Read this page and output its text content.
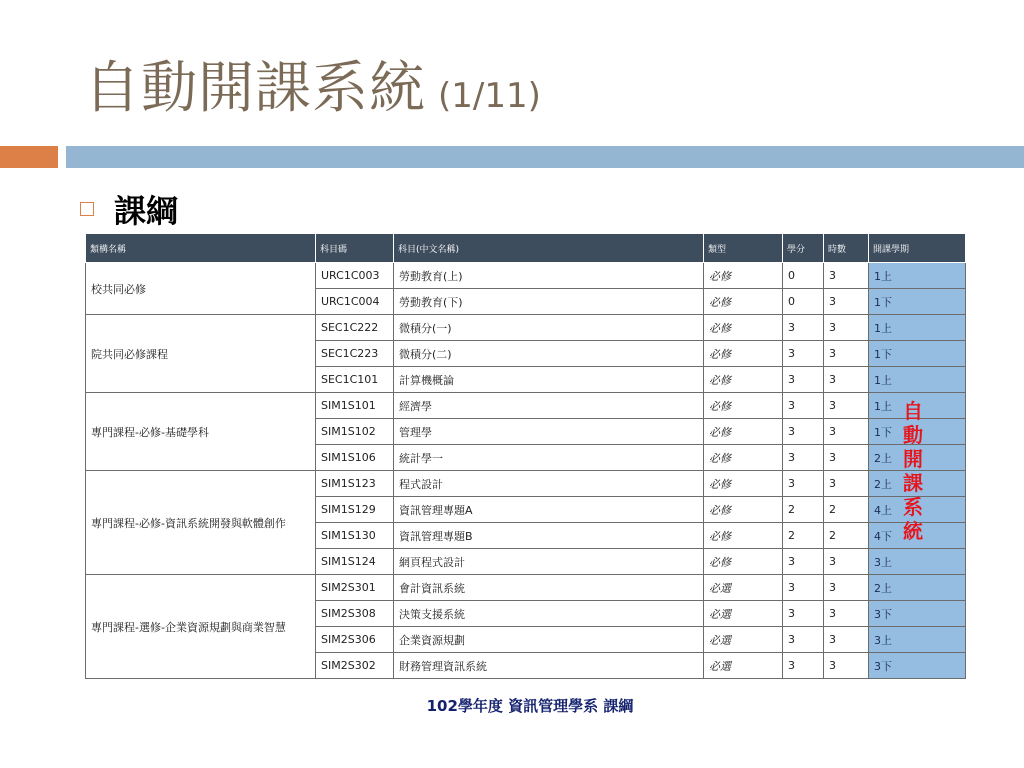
自動開課系統 (1/11)
課綱
類構名稱	科目碼	科目(中文名稱)	類型	學分	時數	開課學期
校共同必修	URC1C003	勞動教育(上)	必修	0	3	1上
	URC1C004	勞動教育(下)	必修	0	3	1下
院共同必修課程	SEC1C222	微積分(一)	必修	3	3	1上
	SEC1C223	微積分(二)	必修	3	3	1下
	SEC1C101	計算機概論	必修	3	3	1上
專門課程-必修-基礎學科	SIM1S101	經濟學	必修	3	3	1上
	SIM1S102	管理學	必修	3	3	1下
	SIM1S106	統計學一	必修	3	3	2上
專門課程-必修-資訊系統開發與軟體創作	SIM1S123	程式設計	必修	3	3	2上
	SIM1S129	資訊管理專題A	必修	2	2	4上
	SIM1S130	資訊管理專題B	必修	2	2	4下
	SIM1S124	網頁程式設計	必修	3	3	3上
專門課程-選修-企業資源規劃與商業智慧	SIM2S301	會計資訊系統	必選	3	3	2上
	SIM2S308	決策支援系統	必選	3	3	3下
	SIM2S306	企業資源規劃	必選	3	3	3上
	SIM2S302	財務管理資訊系統	必選	3	3	3下
自
動
開
課
系
統
102學年度 資訊管理學系 課綱
